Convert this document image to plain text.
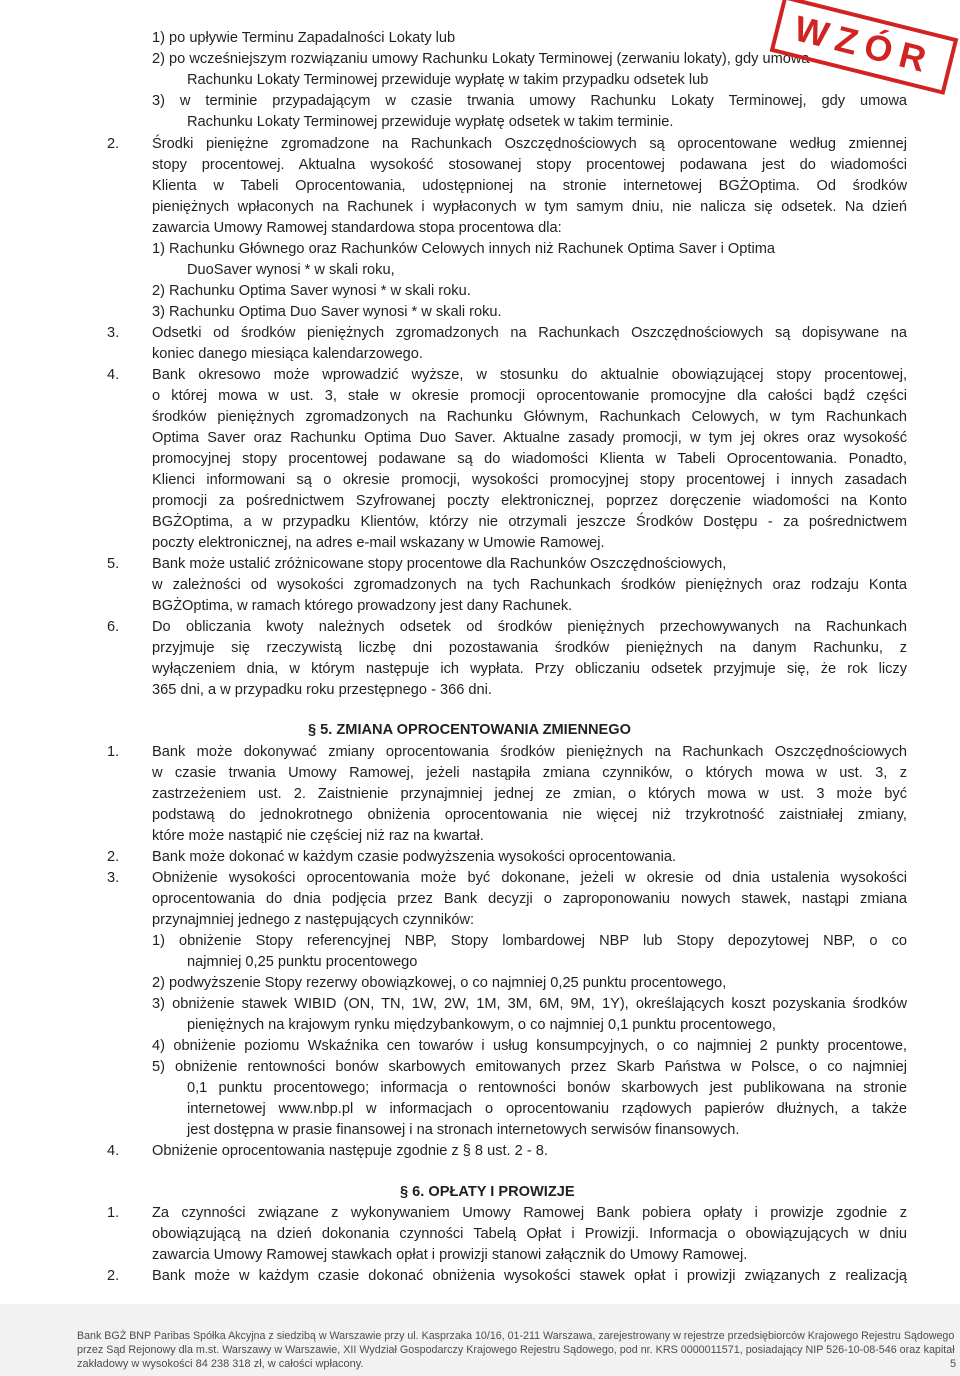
1) po upływie Terminu Zapadalności Lokaty lub
2) po wcześniejszym rozwiązaniu umowy Rachunku Lokaty Terminowej (zerwaniu lokaty), gdy umowa
Rachunku Lokaty Terminowej przewiduje wypłatę w takim przypadku odsetek lub
3) w terminie przypadającym w czasie trwania umowy Rachunku Lokaty Terminowej, gdy umowa
Rachunku Lokaty Terminowej przewiduje wypłatę odsetek w takim terminie.
2. Środki pieniężne zgromadzone na Rachunkach Oszczędnościowych są oprocentowane według zmiennej
stopy procentowej. Aktualna wysokość stosowanej stopy procentowej podawana jest do wiadomości
Klienta w Tabeli Oprocentowania, udostępnionej na stronie internetowej BGŻOptima. Od środków
pieniężnych wpłaconych na Rachunek i wypłaconych w tym samym dniu, nie nalicza się odsetek. Na dzień
zawarcia Umowy Ramowej standardowa stopa procentowa dla:
1) Rachunku Głównego oraz Rachunków Celowych innych niż Rachunek Optima Saver i Optima
DuoSaver wynosi * w skali roku,
2) Rachunku Optima Saver wynosi * w skali roku.
3) Rachunku Optima Duo Saver wynosi * w skali roku.
3. Odsetki od środków pieniężnych zgromadzonych na Rachunkach Oszczędnościowych są dopisywane na
koniec danego miesiąca kalendarzowego.
4. Bank okresowo może wprowadzić wyższe, w stosunku do aktualnie obowiązującej stopy procentowej,
o której mowa w ust. 3, stałe w okresie promocji oprocentowanie promocyjne dla całości bądź części
środków pieniężnych zgromadzonych na Rachunku Głównym, Rachunkach Celowych, w tym Rachunkach
Optima Saver oraz Rachunku Optima Duo Saver. Aktualne zasady promocji, w tym jej okres oraz wysokość
promocyjnej stopy procentowej podawane są do wiadomości Klienta w Tabeli Oprocentowania. Ponadto,
Klienci informowani są o okresie promocji, wysokości promocyjnej stopy procentowej i innych zasadach
promocji za pośrednictwem Szyfrowanej poczty elektronicznej, poprzez doręczenie wiadomości na Konto
BGŻOptima, a w przypadku Klientów, którzy nie otrzymali jeszcze Środków Dostępu - za pośrednictwem
poczty elektronicznej, na adres e-mail wskazany w Umowie Ramowej.
5. Bank może ustalić zróżnicowane stopy procentowe dla Rachunków Oszczędnościowych,
w zależności od wysokości zgromadzonych na tych Rachunkach środków pieniężnych oraz rodzaju Konta
BGŻOptima, w ramach którego prowadzony jest dany Rachunek.
6. Do obliczania kwoty należnych odsetek od środków pieniężnych przechowywanych na Rachunkach
przyjmuje się rzeczywistą liczbę dni pozostawania środków pieniężnych na danym Rachunku, z
wyłączeniem dnia, w którym następuje ich wypłata. Przy obliczaniu odsetek przyjmuje się, że rok liczy
365 dni, a w przypadku roku przestępnego - 366 dni.
§ 5. ZMIANA OPROCENTOWANIA ZMIENNEGO
1. Bank może dokonywać zmiany oprocentowania środków pieniężnych na Rachunkach Oszczędnościowych
w czasie trwania Umowy Ramowej, jeżeli nastąpiła zmiana czynników, o których mowa w ust. 3, z
zastrzeżeniem ust. 2. Zaistnienie przynajmniej jednej ze zmian, o których mowa w ust. 3 może być
podstawą do jednokrotnego obniżenia oprocentowania nie więcej niż trzykrotność zaistniałej zmiany,
które może nastąpić nie częściej niż raz na kwartał.
2. Bank może dokonać w każdym czasie podwyższenia wysokości oprocentowania.
3. Obniżenie wysokości oprocentowania może być dokonane, jeżeli w okresie od dnia ustalenia wysokości
oprocentowania do dnia podjęcia przez Bank decyzji o zaproponowaniu nowych stawek, nastąpi zmiana
przynajmniej jednego z następujących czynników:
1) obniżenie Stopy referencyjnej NBP, Stopy lombardowej NBP lub Stopy depozytowej NBP, o co
najmniej 0,25 punktu procentowego
2) podwyższenie Stopy rezerwy obowiązkowej, o co najmniej 0,25 punktu procentowego,
3) obniżenie stawek WIBID (ON, TN, 1W, 2W, 1M, 3M, 6M, 9M, 1Y), określających koszt pozyskania środków
pieniężnych na krajowym rynku międzybankowym, o co najmniej 0,1 punktu procentowego,
4) obniżenie poziomu Wskaźnika cen towarów i usług konsumpcyjnych, o co najmniej 2 punkty procentowe,
5) obniżenie rentowności bonów skarbowych emitowanych przez Skarb Państwa w Polsce, o co najmniej
0,1 punktu procentowego; informacja o rentowności bonów skarbowych jest publikowana na stronie
internetowej www.nbp.pl w informacjach o oprocentowaniu rządowych papierów dłużnych, a także
jest dostępna w prasie finansowej i na stronach internetowych serwisów finansowych.
4. Obniżenie oprocentowania następuje zgodnie z § 8 ust. 2 - 8.
§ 6. OPŁATY I PROWIZJE
1. Za czynności związane z wykonywaniem Umowy Ramowej Bank pobiera opłaty i prowizje zgodnie z
obowiązującą na dzień dokonania czynności Tabelą Opłat i Prowizji. Informacja o obowiązujących w dniu
zawarcia Umowy Ramowej stawkach opłat i prowizji stanowi załącznik do Umowy Ramowej.
2. Bank może w każdym czasie dokonać obniżenia wysokości stawek opłat i prowizji związanych z realizacją
WZÓR
Bank BGŻ BNP Paribas Spółka Akcyjna z siedzibą w Warszawie przy ul. Kasprzaka 10/16, 01-211 Warszawa, zarejestrowany w rejestrze przedsiębiorców Krajowego Rejestru Sądowego
przez Sąd Rejonowy dla m.st. Warszawy w Warszawie, XII Wydział Gospodarczy Krajowego Rejestru Sądowego, pod nr. KRS 0000011571, posiadający NIP 526-10-08-546 oraz kapitał
zakładowy w wysokości 84 238 318 zł, w całości wpłacony.	5
